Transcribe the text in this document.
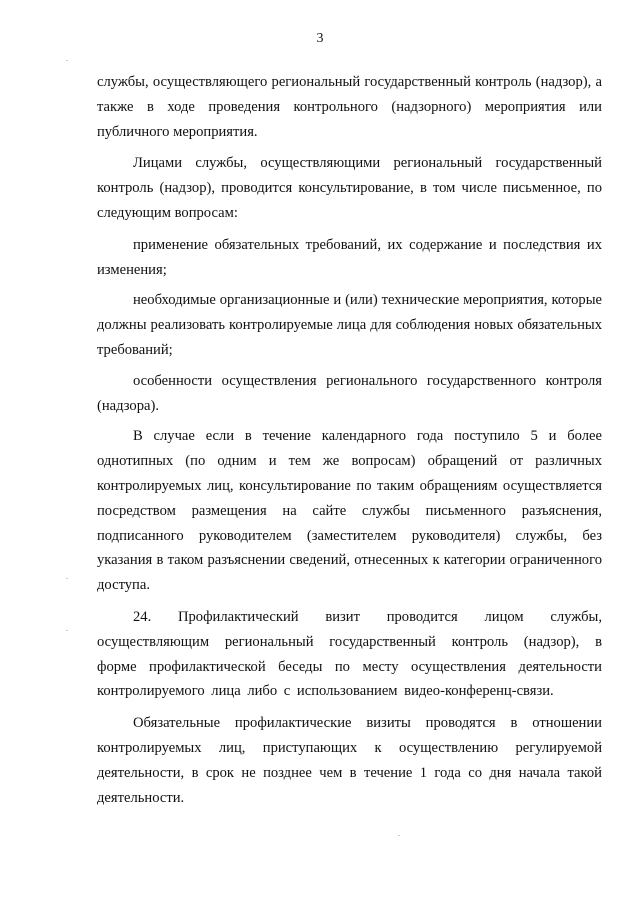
3

службы, осуществляющего региональный государственный контроль (надзор), а также в ходе проведения контрольного (надзорного) мероприятия или публичного мероприятия.

Лицами службы, осуществляющими региональный государственный контроль (надзор), проводится консультирование, в том числе письменное, по следующим вопросам:

применение обязательных требований, их содержание и последствия их изменения;

необходимые организационные и (или) технические мероприятия, которые должны реализовать контролируемые лица для соблюдения новых обязательных требований;

особенности осуществления регионального государственного контроля (надзора).

В случае если в течение календарного года поступило 5 и более однотипных (по одним и тем же вопросам) обращений от различных контролируемых лиц, консультирование по таким обращениям осуществляется посредством размещения на сайте службы письменного разъяснения, подписанного руководителем (заместителем руководителя) службы, без указания в таком разъяснении сведений, отнесенных к категории ограниченного доступа.

24. Профилактический визит проводится лицом службы, осуществляющим региональный государственный контроль (надзор), в форме профилактической беседы по месту осуществления деятельности контролируемого лица либо с использованием видео-конференц-связи.

Обязательные профилактические визиты проводятся в отношении контролируемых лиц, приступающих к осуществлению регулируемой деятельности, в срок не позднее чем в течение 1 года со дня начала такой деятельности.
